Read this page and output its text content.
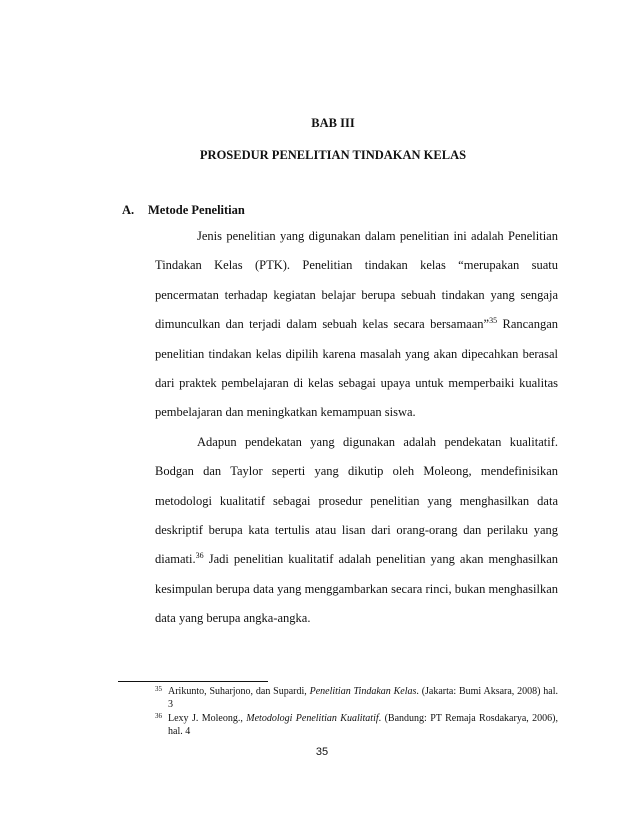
BAB III
PROSEDUR PENELITIAN TINDAKAN KELAS
A. Metode Penelitian

Jenis penelitian yang digunakan dalam penelitian ini adalah Penelitian Tindakan Kelas (PTK). Penelitian tindakan kelas “merupakan suatu pencermatan terhadap kegiatan belajar berupa sebuah tindakan yang sengaja dimunculkan dan terjadi dalam sebuah kelas secara bersamaan”$^{35}$ Rancangan penelitian tindakan kelas dipilih karena masalah yang akan dipecahkan berasal dari praktek pembelajaran di kelas sebagai upaya untuk memperbaiki kualitas pembelajaran dan meningkatkan kemampuan siswa.

Adapun pendekatan yang digunakan adalah pendekatan kualitatif. Bodgan dan Taylor seperti yang dikutip oleh Moleong, mendefinisikan metodologi kualitatif sebagai prosedur penelitian yang menghasilkan data deskriptif berupa kata tertulis atau lisan dari orang-orang dan perilaku yang diamati.$^{36}$ Jadi penelitian kualitatif adalah penelitian yang akan menghasilkan kesimpulan berupa data yang menggambarkan secara rinci, bukan menghasilkan data yang berupa angka-angka.

35 Arikunto, Suharjono, dan Supardi, Penelitian Tindakan Kelas. (Jakarta: Bumi Aksara, 2008) hal. 3
36 Lexy J. Moleong., Metodologi Penelitian Kualitatif. (Bandung: PT Remaja Rosdakarya, 2006), hal. 4
35
